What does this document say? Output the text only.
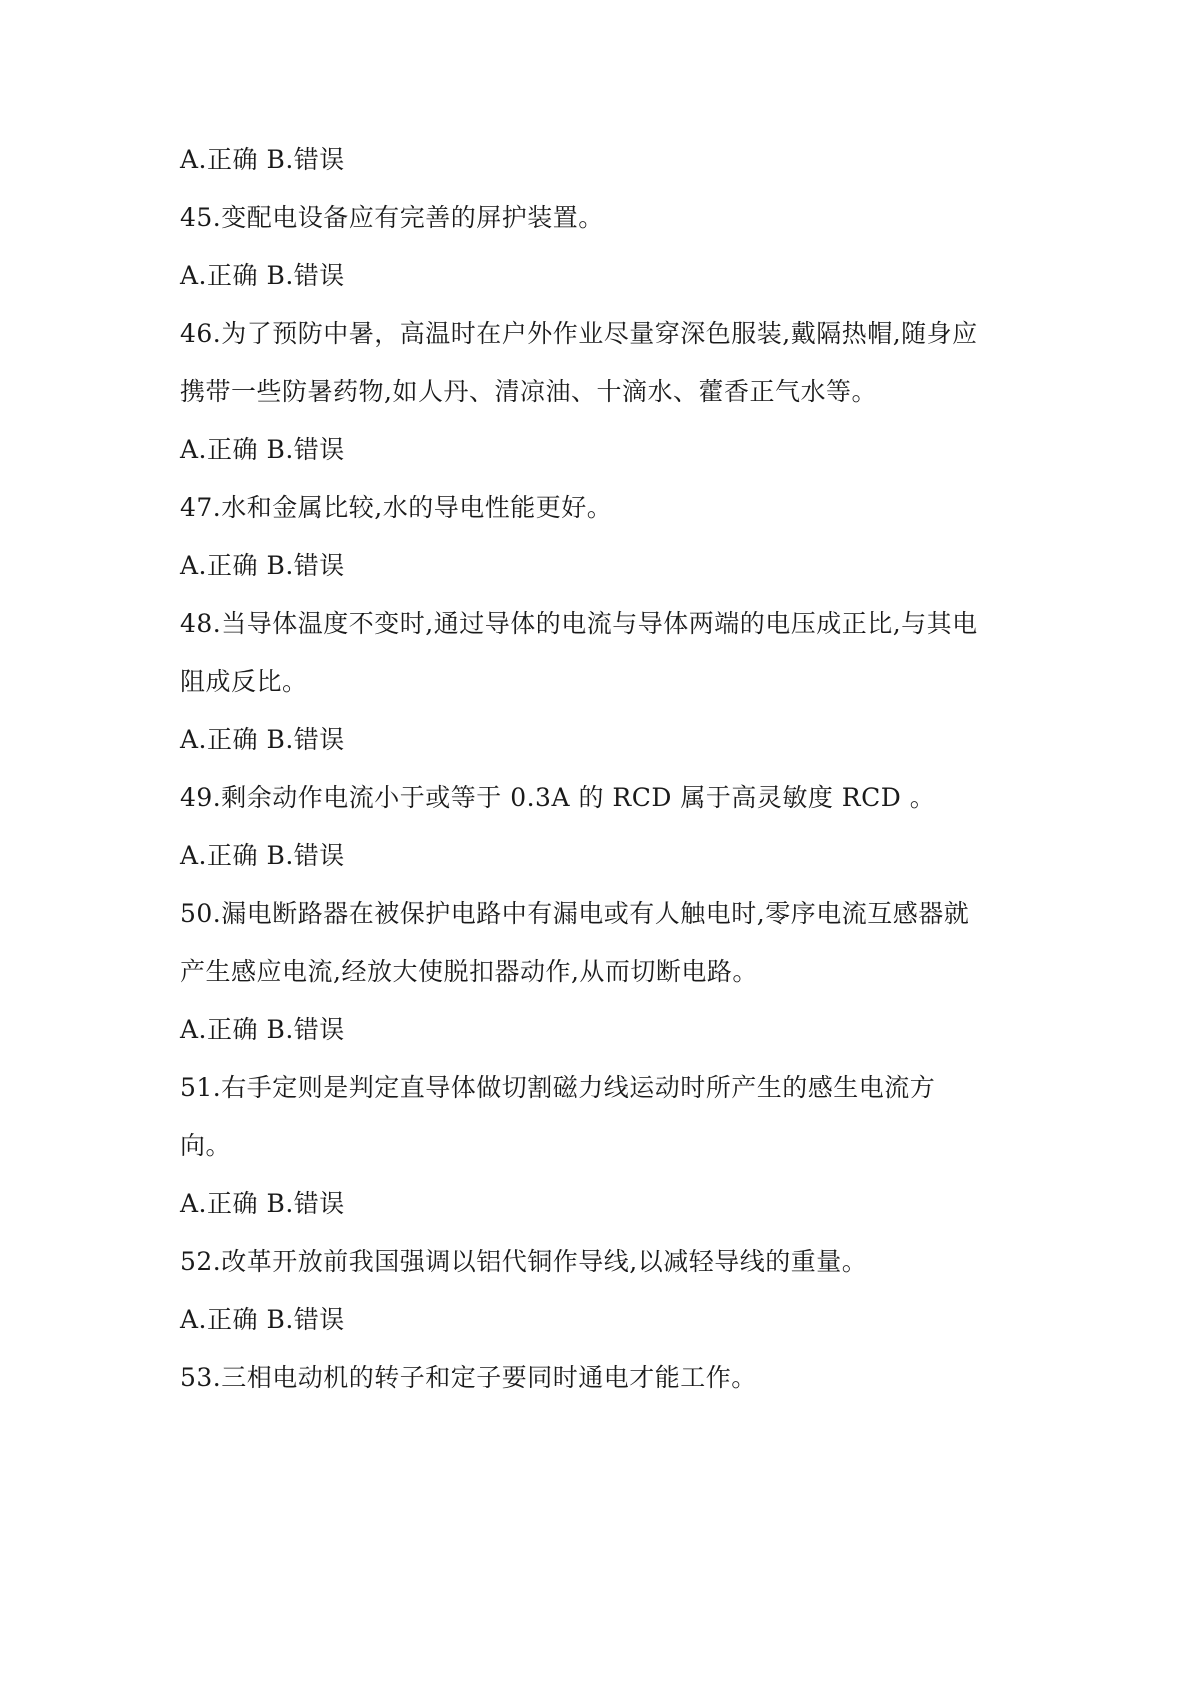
A.正确 B.错误
45.变配电设备应有完善的屏护装置。
A.正确 B.错误
46.为了预防中暑，高温时在户外作业尽量穿深色服装,戴隔热帽,随身应
携带一些防暑药物,如人丹、清凉油、十滴水、藿香正气水等。
A.正确 B.错误
47.水和金属比较,水的导电性能更好。
A.正确 B.错误
48.当导体温度不变时,通过导体的电流与导体两端的电压成正比,与其电
阻成反比。
A.正确 B.错误
49.剩余动作电流小于或等于 0.3A 的 RCD 属于高灵敏度 RCD 。
A.正确 B.错误
50.漏电断路器在被保护电路中有漏电或有人触电时,零序电流互感器就
产生感应电流,经放大使脱扣器动作,从而切断电路。
A.正确 B.错误
51.右手定则是判定直导体做切割磁力线运动时所产生的感生电流方
向。
A.正确 B.错误
52.改革开放前我国强调以铝代铜作导线,以减轻导线的重量。
A.正确 B.错误
53.三相电动机的转子和定子要同时通电才能工作。
